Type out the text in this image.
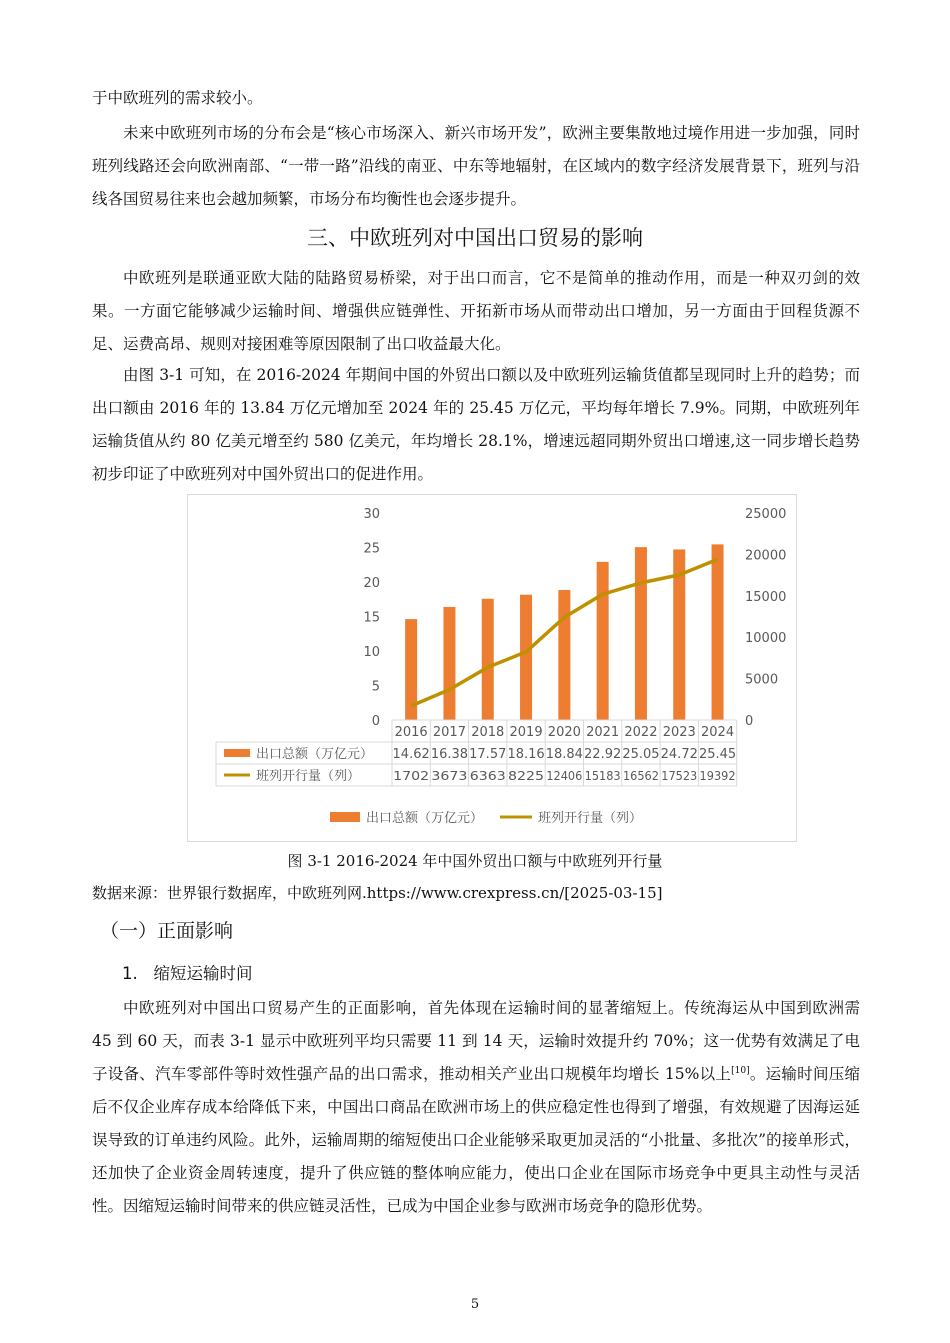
于中欧班列的需求较小。

未来中欧班列市场的分布会是“核心市场深入、新兴市场开发”，欧洲主要集散地过境作用进一步加强，同时班列线路还会向欧洲南部、“一带一路”沿线的南亚、中东等地辐射，在区域内的数字经济发展背景下，班列与沿线各国贸易往来也会越加频繁，市场分布均衡性也会逐步提升。

三、中欧班列对中国出口贸易的影响

中欧班列是联通亚欧大陆的陆路贸易桥梁，对于出口而言，它不是简单的推动作用，而是一种双刃剑的效果。一方面它能够减少运输时间、增强供应链弹性、开拓新市场从而带动出口增加，另一方面由于回程货源不足、运费高昂、规则对接困难等原因限制了出口收益最大化。

由图 3-1 可知，在 2016-2024 年期间中国的外贸出口额以及中欧班列运输货值都呈现同时上升的趋势；而出口额由 2016 年的 13.84 万亿元增加至 2024 年的 25.45 万亿元，平均每年增长 7.9%。同期，中欧班列年运输货值从约 80 亿美元增至约 580 亿美元，年均增长 28.1%，增速远超同期外贸出口增速,这一同步增长趋势初步印证了中欧班列对中国外贸出口的促进作用。

0
5
10
15
20
25
30
0
5000
10000
15000
20000
25000
2016 2017 2018 2019 2020 2021 2022 2023 2024
出口总额（万亿元）
班列开行量（列）
14.62 16.38 17.57 18.16 18.84 22.92 25.05 24.72 25.45
1702 3673 6363 8225 12406 15183 16562 17523 19392
出口总额（万亿元）	班列开行量（列）

图 3-1 2016-2024 年中国外贸出口额与中欧班列开行量

数据来源：世界银行数据库，中欧班列网.https://www.crexpress.cn/[2025-03-15]

（一）正面影响
1.   缩短运输时间

中欧班列对中国出口贸易产生的正面影响，首先体现在运输时间的显著缩短上。传统海运从中国到欧洲需 45 到 60 天，而表 3-1 显示中欧班列平均只需要 11 到 14 天，运输时效提升约 70%；这一优势有效满足了电子设备、汽车零部件等时效性强产品的出口需求，推动相关产业出口规模年均增长 15%以上[10]。运输时间压缩后不仅企业库存成本给降低下来，中国出口商品在欧洲市场上的供应稳定性也得到了增强，有效规避了因海运延误导致的订单违约风险。此外，运输周期的缩短使出口企业能够采取更加灵活的“小批量、多批次”的接单形式，还加快了企业资金周转速度，提升了供应链的整体响应能力，使出口企业在国际市场竞争中更具主动性与灵活性。因缩短运输时间带来的供应链灵活性，已成为中国企业参与欧洲市场竞争的隐形优势。

5
